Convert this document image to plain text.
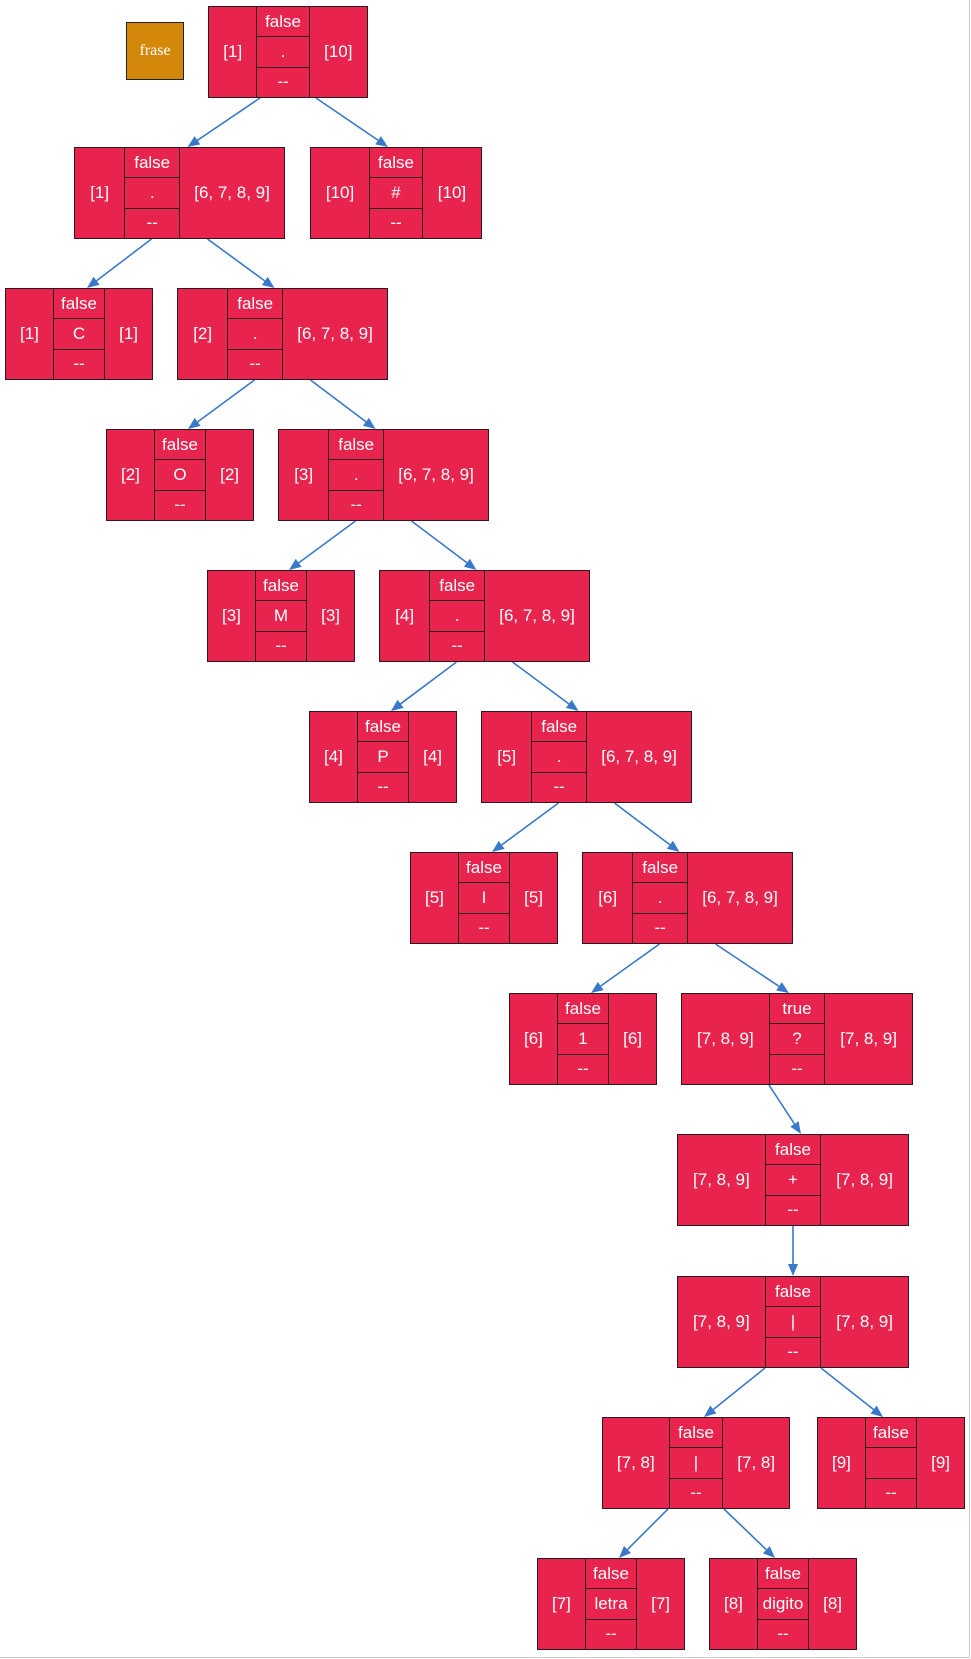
frase	[1]
false
.
--
[10]
[1]
false
.
--
[6, 7, 8, 9]	[10]
false
#
--
[10]
[1]
false
C
--
[1]	[2]
false
.
--
[6, 7, 8, 9]
[2]
false
O
--
[2]	[3]
false
.
--
[6, 7, 8, 9]
[3]
false
M
--
[3]	[4]
false
.
--
[6, 7, 8, 9]
[4]
false
P
--
[4]	[5]
false
.
--
[6, 7, 8, 9]
[5]
false
I
--
[5]	[6]
false
.
--
[6, 7, 8, 9]
[6]
false
1
--
[6]	[7, 8, 9]
true
?
--
[7, 8, 9]
[7, 8, 9]
false
+
--
[7, 8, 9]
[7, 8, 9]
false
|
--
[7, 8, 9]
[7, 8]
false
|
--
[7, 8]	[9]
false
--
[9]
[7]
false
letra
--
[7]	[8]
false
digito
--
[8]
